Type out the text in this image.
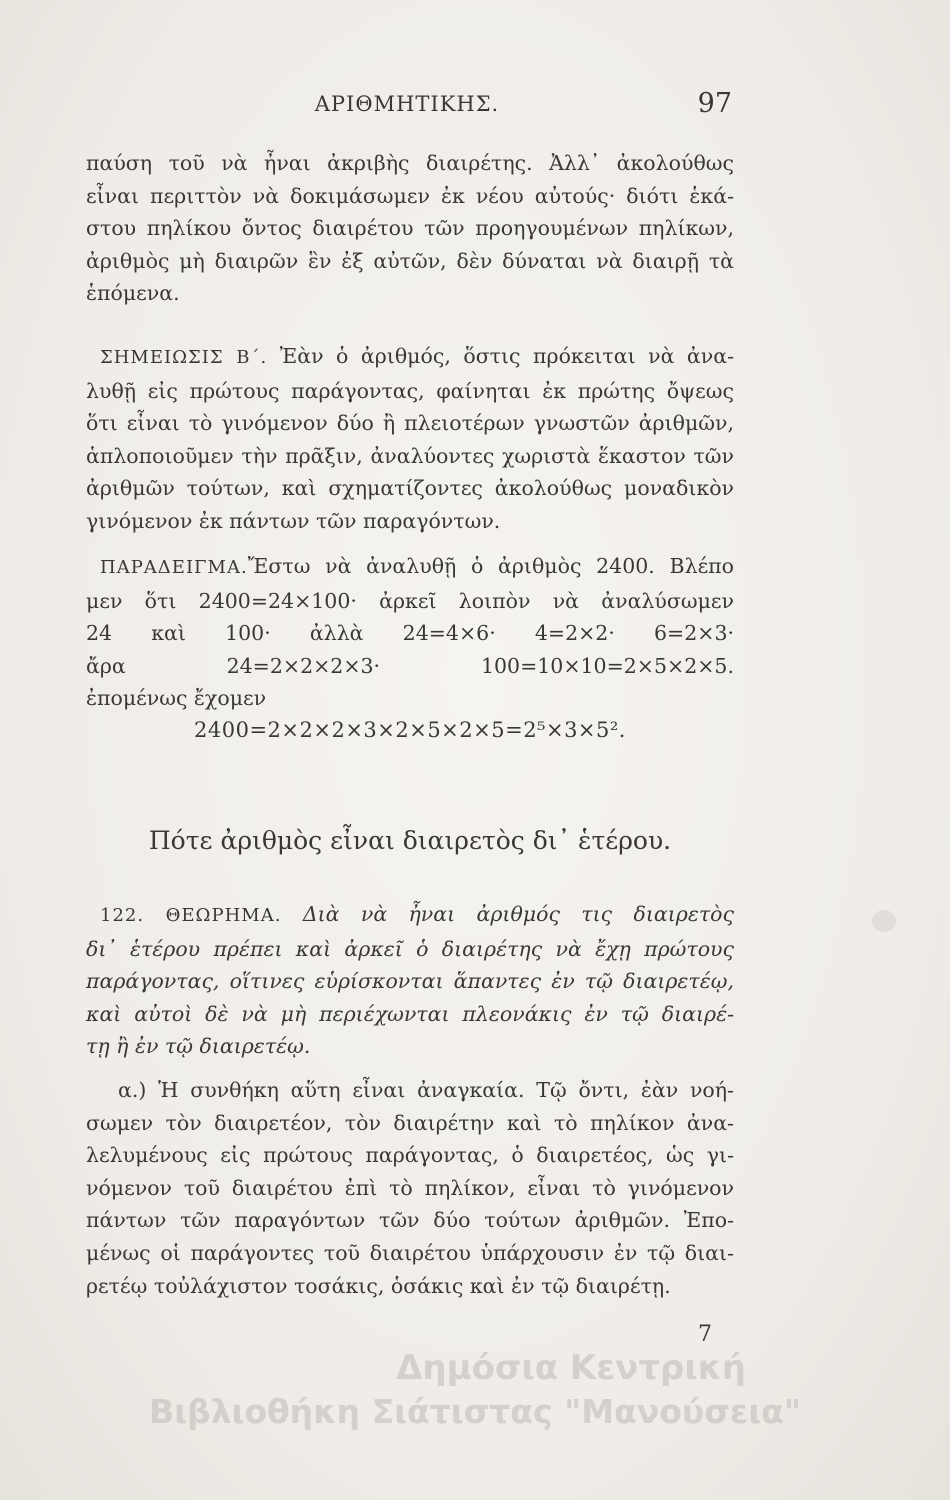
ΑΡΙΘΜΗΤΙΚΗΣ.	97
παύση τοῦ νὰ ἦναι ἀκριβὴς διαιρέτης. Ἀλλ᾽ ἀκολούθως
εἶναι περιττὸν νὰ δοκιμάσωμεν ἐκ νέου αὐτούς· διότι ἑκά-
στου πηλίκου ὄντος διαιρέτου τῶν προηγουμένων πηλίκων,
ἀριθμὸς μὴ διαιρῶν ἓν ἐξ αὐτῶν, δὲν δύναται νὰ διαιρῇ τὰ
ἑπόμενα.
ΣΗΜΕΙΩΣΙΣ Β΄. Ἐὰν ὁ ἀριθμός, ὅστις πρόκειται νὰ ἀνα-
λυθῇ εἰς πρώτους παράγοντας, φαίνηται ἐκ πρώτης ὄψεως
ὅτι εἶναι τὸ γινόμενον δύο ἢ πλειοτέρων γνωστῶν ἀριθμῶν,
ἁπλοποιοῦμεν τὴν πρᾶξιν, ἀναλύοντες χωριστὰ ἕκαστον τῶν
ἀριθμῶν τούτων, καὶ σχηματίζοντες ἀκολούθως μοναδικὸν
γινόμενον ἐκ πάντων τῶν παραγόντων.
ΠΑΡΑΔΕΙΓΜΑ.Ἔστω νὰ ἀναλυθῇ ὁ ἀριθμὸς 2400. Βλέπο
μεν ὅτι 2400=24×100· ἀρκεῖ λοιπὸν νὰ ἀναλύσωμεν
24 καὶ 100· ἀλλὰ 24=4×6· 4=2×2· 6=2×3·
ἄρα 24=2×2×2×3· 100=10×10=2×5×2×5.
ἐπομένως ἔχομεν
2400=2×2×2×3×2×5×2×5=2⁵×3×5².
Πότε ἀριθμὸς εἶναι διαιρετὸς δι᾽ ἑτέρου.
122. ΘΕΩΡΗΜΑ. Διὰ νὰ ἦναι ἀριθμός τις διαιρετὸς
δι᾽ ἑτέρου πρέπει καὶ ἀρκεῖ ὁ διαιρέτης νὰ ἔχῃ πρώτους
παράγοντας, οἵτινες εὑρίσκονται ἅπαντες ἐν τῷ διαιρετέῳ,
καὶ αὐτοὶ δὲ νὰ μὴ περιέχωνται πλεονάκις ἐν τῷ διαιρέ-
τῃ ἢ ἐν τῷ διαιρετέῳ.
α.) Ἡ συνθήκη αὕτη εἶναι ἀναγκαία. Τῷ ὄντι, ἐὰν νοή-
σωμεν τὸν διαιρετέον, τὸν διαιρέτην καὶ τὸ πηλίκον ἀνα-
λελυμένους εἰς πρώτους παράγοντας, ὁ διαιρετέος, ὡς γι-
νόμενον τοῦ διαιρέτου ἐπὶ τὸ πηλίκον, εἶναι τὸ γινόμενον
πάντων τῶν παραγόντων τῶν δύο τούτων ἀριθμῶν. Ἐπο-
μένως οἱ παράγοντες τοῦ διαιρέτου ὑπάρχουσιν ἐν τῷ διαι-
ρετέῳ τοὐλάχιστον τοσάκις, ὁσάκις καὶ ἐν τῷ διαιρέτῃ.
7
Δημόσια Κεντρική
Βιβλιοθήκη Σιάτιστας "Μανούσεια"
